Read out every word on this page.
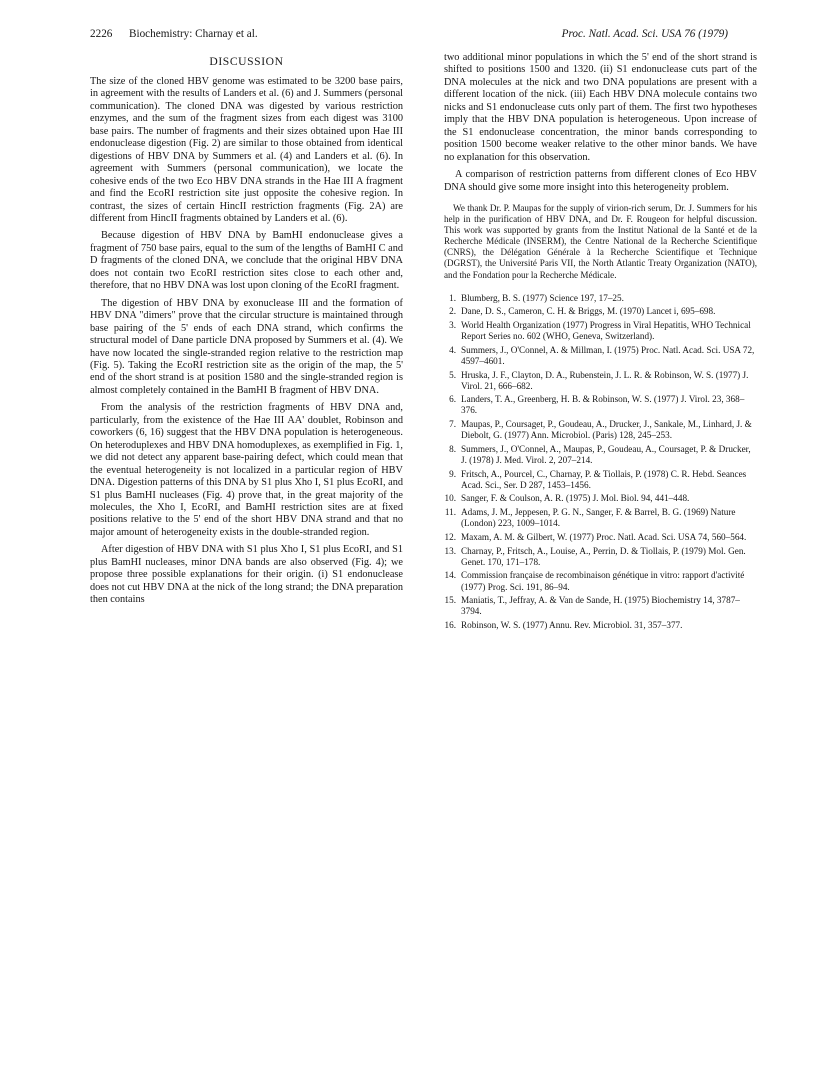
2226 Biochemistry: Charnay et al.	Proc. Natl. Acad. Sci. USA 76 (1979)
DISCUSSION

The size of the cloned HBV genome was estimated to be 3200 base pairs, in agreement with the results of Landers et al. (6) and J. Summers (personal communication). The cloned DNA was digested by various restriction enzymes, and the sum of the fragment sizes from each digest was 3100 base pairs. The number of fragments and their sizes obtained upon Hae III endonuclease digestion (Fig. 2) are similar to those obtained from identical digestions of HBV DNA by Summers et al. (4) and Landers et al. (6). In agreement with Summers (personal communication), we locate the cohesive ends of the two Eco HBV DNA strands in the Hae III A fragment and find the EcoRI restriction site just opposite the cohesive region. In contrast, the sizes of certain HincII restriction fragments (Fig. 2A) are different from HincII fragments obtained by Landers et al. (6).

Because digestion of HBV DNA by BamHI endonuclease gives a fragment of 750 base pairs, equal to the sum of the lengths of BamHI C and D fragments of the cloned DNA, we conclude that the original HBV DNA does not contain two EcoRI restriction sites close to each other and, therefore, that no HBV DNA was lost upon cloning of the EcoRI fragment.

The digestion of HBV DNA by exonuclease III and the formation of HBV DNA "dimers" prove that the circular structure is maintained through base pairing of the 5' ends of each DNA strand, which confirms the structural model of Dane particle DNA proposed by Summers et al. (4). We have now located the single-stranded region relative to the restriction map (Fig. 5). Taking the EcoRI restriction site as the origin of the map, the 5' end of the short strand is at position 1580 and the single-stranded region is almost completely contained in the BamHI B fragment of HBV DNA.

From the analysis of the restriction fragments of HBV DNA and, particularly, from the existence of the Hae III AA' doublet, Robinson and coworkers (6, 16) suggest that the HBV DNA population is heterogeneous. On heteroduplexes and HBV DNA homoduplexes, as exemplified in Fig. 1, we did not detect any apparent base-pairing defect, which could mean that the eventual heterogeneity is not localized in a particular region of HBV DNA. Digestion patterns of this DNA by S1 plus Xho I, S1 plus EcoRI, and S1 plus BamHI nucleases (Fig. 4) prove that, in the great majority of the molecules, the Xho I, EcoRI, and BamHI restriction sites are at fixed positions relative to the 5' end of the short HBV DNA strand and that no major amount of heterogeneity exists in the double-stranded region.

After digestion of HBV DNA with S1 plus Xho I, S1 plus EcoRI, and S1 plus BamHI nucleases, minor DNA bands are also observed (Fig. 4); we propose three possible explanations for their origin. (i) S1 endonuclease does not cut HBV DNA at the nick of the long strand; the DNA preparation then contains

two additional minor populations in which the 5' end of the short strand is shifted to positions 1500 and 1320. (ii) S1 endonuclease cuts part of the DNA molecules at the nick and two DNA populations are present with a different location of the nick. (iii) Each HBV DNA molecule contains two nicks and S1 endonuclease cuts only part of them. The first two hypotheses imply that the HBV DNA population is heterogeneous. Upon increase of the S1 endonuclease concentration, the minor bands corresponding to position 1500 become weaker relative to the other minor bands. We have no explanation for this observation.

A comparison of restriction patterns from different clones of Eco HBV DNA should give some more insight into this heterogeneity problem.

We thank Dr. P. Maupas for the supply of virion-rich serum, Dr. J. Summers for his help in the purification of HBV DNA, and Dr. F. Rougeon for helpful discussion. This work was supported by grants from the Institut National de la Santé et de la Recherche Médicale (INSERM), the Centre National de la Recherche Scientifique (CNRS), the Délégation Générale à la Recherche Scientifique et Technique (DGRST), the Université Paris VII, the North Atlantic Treaty Organization (NATO), and the Fondation pour la Recherche Médicale.

1. Blumberg, B. S. (1977) Science 197, 17–25.
2. Dane, D. S., Cameron, C. H. & Briggs, M. (1970) Lancet i, 695–698.
3. World Health Organization (1977) Progress in Viral Hepatitis, WHO Technical Report Series no. 602 (WHO, Geneva, Switzerland).
4. Summers, J., O'Connel, A. & Millman, I. (1975) Proc. Natl. Acad. Sci. USA 72, 4597–4601.
5. Hruska, J. F., Clayton, D. A., Rubenstein, J. L. R. & Robinson, W. S. (1977) J. Virol. 21, 666–682.
6. Landers, T. A., Greenberg, H. B. & Robinson, W. S. (1977) J. Virol. 23, 368–376.
7. Maupas, P., Coursaget, P., Goudeau, A., Drucker, J., Sankale, M., Linhard, J. & Diebolt, G. (1977) Ann. Microbiol. (Paris) 128, 245–253.
8. Summers, J., O'Connel, A., Maupas, P., Goudeau, A., Coursaget, P. & Drucker, J. (1978) J. Med. Virol. 2, 207–214.
9. Fritsch, A., Pourcel, C., Charnay, P. & Tiollais, P. (1978) C. R. Hebd. Seances Acad. Sci., Ser. D 287, 1453–1456.
10. Sanger, F. & Coulson, A. R. (1975) J. Mol. Biol. 94, 441–448.
11. Adams, J. M., Jeppesen, P. G. N., Sanger, F. & Barrel, B. G. (1969) Nature (London) 223, 1009–1014.
12. Maxam, A. M. & Gilbert, W. (1977) Proc. Natl. Acad. Sci. USA 74, 560–564.
13. Charnay, P., Fritsch, A., Louise, A., Perrin, D. & Tiollais, P. (1979) Mol. Gen. Genet. 170, 171–178.
14. Commission française de recombinaison génétique in vitro: rapport d'activité (1977) Prog. Sci. 191, 86–94.
15. Maniatis, T., Jeffray, A. & Van de Sande, H. (1975) Biochemistry 14, 3787–3794.
16. Robinson, W. S. (1977) Annu. Rev. Microbiol. 31, 357–377.
